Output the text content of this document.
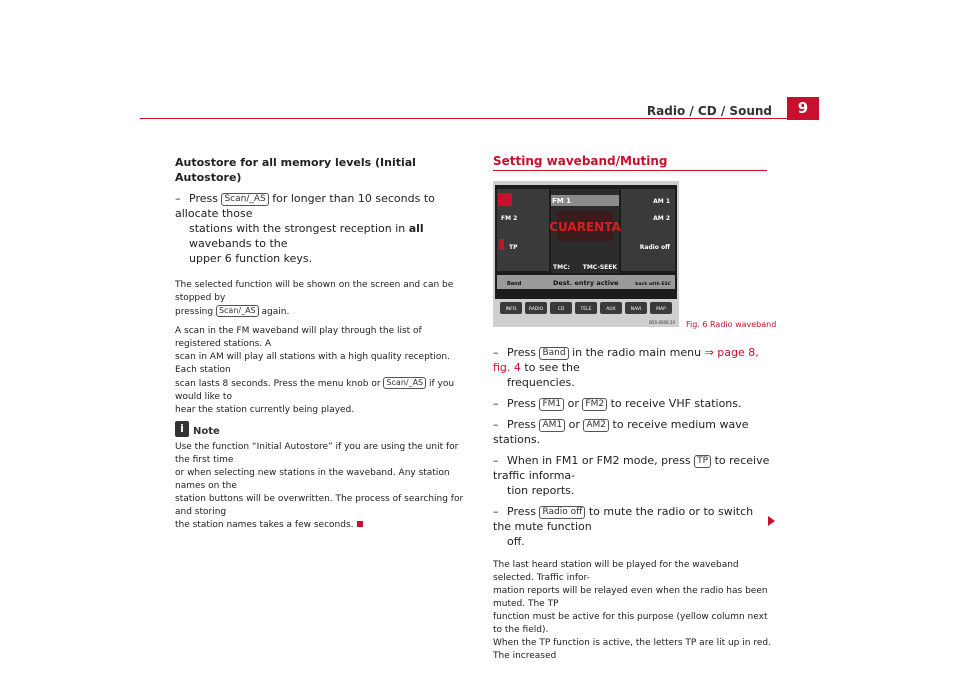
Radio / CD / Sound	9
Autostore for all memory levels (Initial Autostore)
– Press Scan/_AS for longer than 10 seconds to allocate those
stations with the strongest reception in all wavebands to the
upper 6 function keys.
The selected function will be shown on the screen and can be stopped by
pressing Scan/_AS again.
A scan in the FM waveband will play through the list of registered stations. A
scan in AM will play all stations with a high quality reception. Each station
scan lasts 8 seconds. Press the menu knob or Scan/_AS if you would like to
hear the station currently being played.
i Note
Use the function “Initial Autostore” if you are using the unit for the first time
or when selecting new stations in the waveband. Any station names on the
station buttons will be overwritten. The process of searching for and storing
the station names takes a few seconds.
Setting waveband/Muting
FM 1
FM 2
TP
AM 1
AM 2
Radio off
CUARENTA
TMC: TMC-SEEK
Dest. entry active
Band	back with ESC
INFO	RADIO	CD	TELE	AUX	NAVI	MAP
B5S-0006 20 Fig. 6 Radio waveband
– Press Band in the radio main menu ⇒ page 8, fig. 4 to see the
frequencies.
– Press FM1 or FM2 to receive VHF stations.
– Press AM1 or AM2 to receive medium wave stations.
– When in FM1 or FM2 mode, press TP to receive traffic informa-
tion reports.
– Press Radio off to mute the radio or to switch the mute function
off.
The last heard station will be played for the waveband selected. Traffic infor-
mation reports will be relayed even when the radio has been muted. The TP
function must be active for this purpose (yellow column next to the field).
When the TP function is active, the letters TP are lit up in red. The increased
